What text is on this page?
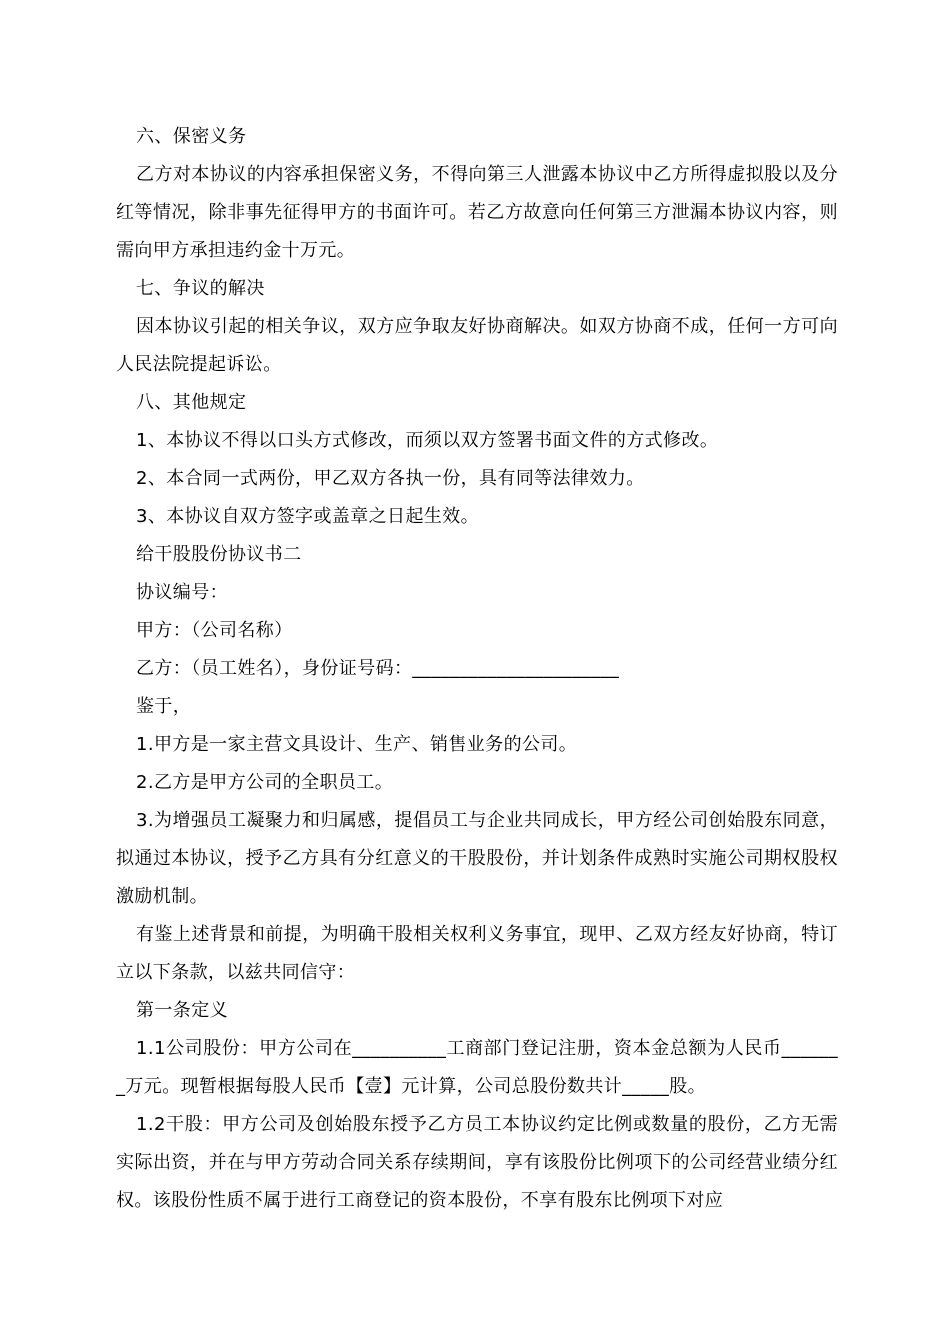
六、保密义务

乙方对本协议的内容承担保密义务，不得向第三人泄露本协议中乙方所得虚拟股以及分红等情况，除非事先征得甲方的书面许可。若乙方故意向任何第三方泄漏本协议内容，则需向甲方承担违约金十万元。

七、争议的解决

因本协议引起的相关争议，双方应争取友好协商解决。如双方协商不成，任何一方可向人民法院提起诉讼。

八、其他规定

1、本协议不得以口头方式修改，而须以双方签署书面文件的方式修改。

2、本合同一式两份，甲乙双方各执一份，具有同等法律效力。

3、本协议自双方签字或盖章之日起生效。

给干股股份协议书二

协议编号：

甲方：（公司名称）

乙方：（员工姓名），身份证号码：______________________

鉴于，

1.甲方是一家主营文具设计、生产、销售业务的公司。

2.乙方是甲方公司的全职员工。

3.为增强员工凝聚力和归属感，提倡员工与企业共同成长，甲方经公司创始股东同意，拟通过本协议，授予乙方具有分红意义的干股股份，并计划条件成熟时实施公司期权股权激励机制。

有鉴上述背景和前提，为明确干股相关权利义务事宜，现甲、乙双方经友好协商，特订立以下条款，以兹共同信守：

第一条定义

1.1公司股份：甲方公司在__________工商部门登记注册，资本金总额为人民币_______万元。现暂根据每股人民币【壹】元计算，公司总股份数共计_____股。

1.2干股：甲方公司及创始股东授予乙方员工本协议约定比例或数量的股份，乙方无需实际出资，并在与甲方劳动合同关系存续期间，享有该股份比例项下的公司经营业绩分红权。该股份性质不属于进行工商登记的资本股份，不享有股东比例项下对应
